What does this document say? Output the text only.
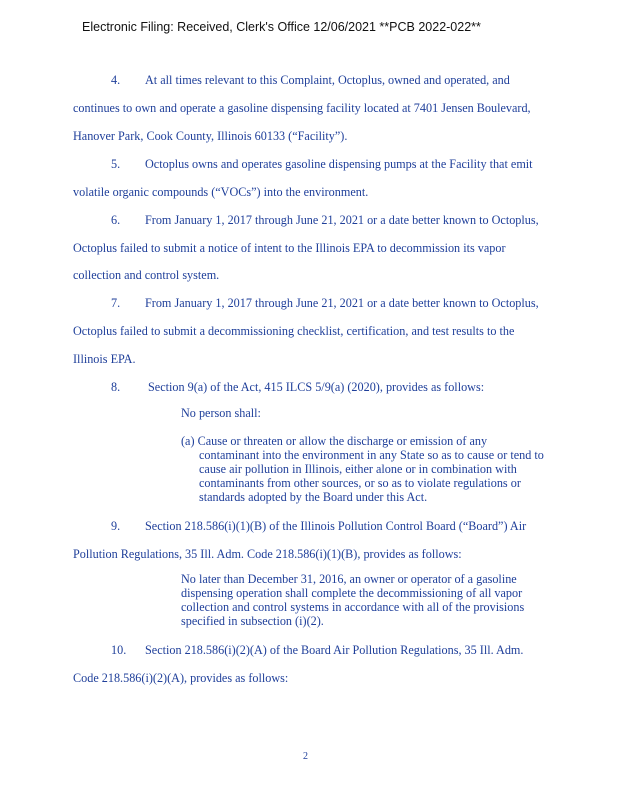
Electronic Filing: Received, Clerk's Office 12/06/2021 **PCB 2022-022**
4. At all times relevant to this Complaint, Octoplus, owned and operated, and
continues to own and operate a gasoline dispensing facility located at 7401 Jensen Boulevard,
Hanover Park, Cook County, Illinois 60133 (“Facility”).
5. Octoplus owns and operates gasoline dispensing pumps at the Facility that emit
volatile organic compounds (“VOCs”) into the environment.
6. From January 1, 2017 through June 21, 2021 or a date better known to Octoplus,
Octoplus failed to submit a notice of intent to the Illinois EPA to decommission its vapor
collection and control system.
7. From January 1, 2017 through June 21, 2021 or a date better known to Octoplus,
Octoplus failed to submit a decommissioning checklist, certification, and test results to the
Illinois EPA.
8. Section 9(a) of the Act, 415 ILCS 5/9(a) (2020), provides as follows:
No person shall:
(a) Cause or threaten or allow the discharge or emission of any
contaminant into the environment in any State so as to cause or tend to
cause air pollution in Illinois, either alone or in combination with
contaminants from other sources, or so as to violate regulations or
standards adopted by the Board under this Act.
9. Section 218.586(i)(1)(B) of the Illinois Pollution Control Board (“Board”) Air
Pollution Regulations, 35 Ill. Adm. Code 218.586(i)(1)(B), provides as follows:
No later than December 31, 2016, an owner or operator of a gasoline
dispensing operation shall complete the decommissioning of all vapor
collection and control systems in accordance with all of the provisions
specified in subsection (i)(2).
10. Section 218.586(i)(2)(A) of the Board Air Pollution Regulations, 35 Ill. Adm.
Code 218.586(i)(2)(A), provides as follows:
2
